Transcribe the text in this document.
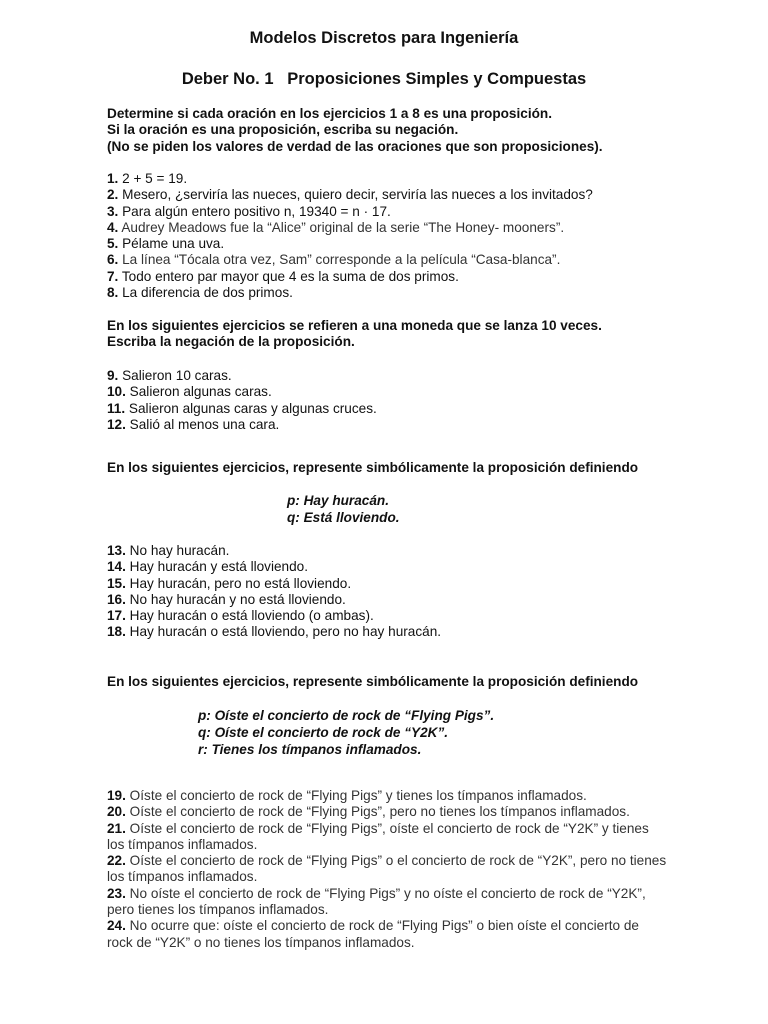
Modelos Discretos para Ingeniería
Deber No. 1   Proposiciones Simples y Compuestas
Determine si cada oración en los ejercicios 1 a 8 es una proposición.
Si la oración es una proposición, escriba su negación.
(No se piden los valores de verdad de las oraciones que son proposiciones).
1. 2 + 5 = 19.
2. Mesero, ¿serviría las nueces, quiero decir, serviría las nueces a los invitados?
3. Para algún entero positivo n, 19340 = n · 17.
4. Audrey Meadows fue la “Alice” original de la serie “The Honey- mooners”.
5. Pélame una uva.
6. La línea “Tócala otra vez, Sam” corresponde a la película “Casa-blanca”.
7. Todo entero par mayor que 4 es la suma de dos primos.
8. La diferencia de dos primos.
En los siguientes ejercicios se refieren a una moneda que se lanza 10 veces.
Escriba la negación de la proposición.
9. Salieron 10 caras.
10. Salieron algunas caras.
11. Salieron algunas caras y algunas cruces.
12. Salió al menos una cara.
En los siguientes ejercicios, represente simbólicamente la proposición definiendo
p: Hay huracán.
q: Está lloviendo.
13. No hay huracán.
14. Hay huracán y está lloviendo.
15. Hay huracán, pero no está lloviendo.
16. No hay huracán y no está lloviendo.
17. Hay huracán o está lloviendo (o ambas).
18. Hay huracán o está lloviendo, pero no hay huracán.
En los siguientes ejercicios, represente simbólicamente la proposición definiendo
p: Oíste el concierto de rock de “Flying Pigs”.
q: Oíste el concierto de rock de “Y2K”.
r: Tienes los tímpanos inflamados.
19. Oíste el concierto de rock de “Flying Pigs” y tienes los tímpanos inflamados.
20. Oíste el concierto de rock de “Flying Pigs”, pero no tienes los tímpanos inflamados.
21. Oíste el concierto de rock de “Flying Pigs”, oíste el concierto de rock de “Y2K” y tienes los tímpanos inflamados.
22. Oíste el concierto de rock de “Flying Pigs” o el concierto de rock de “Y2K”, pero no tienes los tímpanos inflamados.
23. No oíste el concierto de rock de “Flying Pigs” y no oíste el concierto de rock de “Y2K”, pero tienes los tímpanos inflamados.
24. No ocurre que: oíste el concierto de rock de “Flying Pigs” o bien oíste el concierto de rock de “Y2K” o no tienes los tímpanos inflamados.
